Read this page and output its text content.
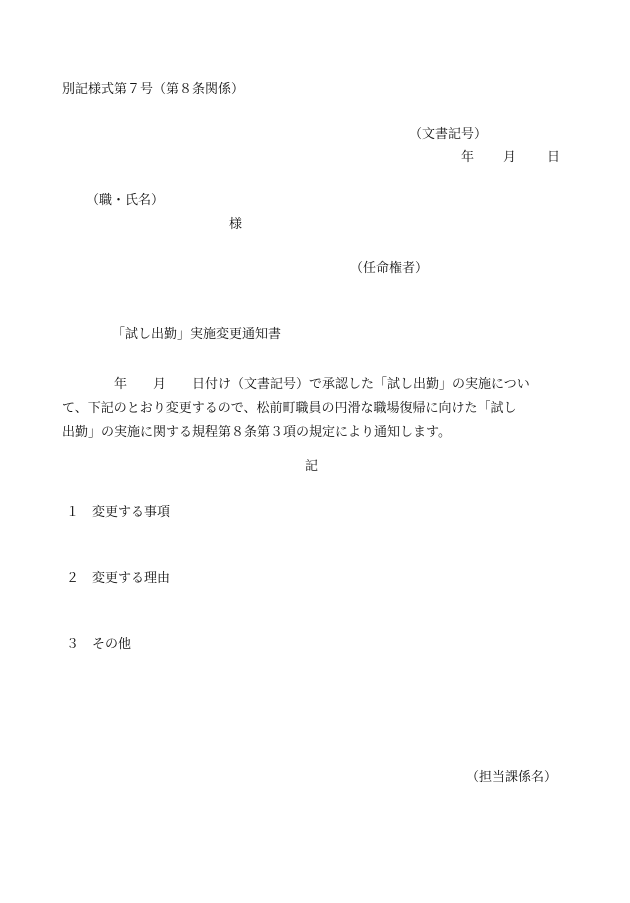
別記様式第７号（第８条関係）
（文書記号）
年 月 日
（職・氏名）
様
（任命権者）
「試し出勤」実施変更通知書
　　　　年　　月　　日付け（文書記号）で承認した「試し出勤」の実施につい
て、下記のとおり変更するので、松前町職員の円滑な職場復帰に向けた「試し
出勤」の実施に関する規程第８条第３項の規定により通知します。
記
１ 変更する事項
２ 変更する理由
３ その他
（担当課係名）
